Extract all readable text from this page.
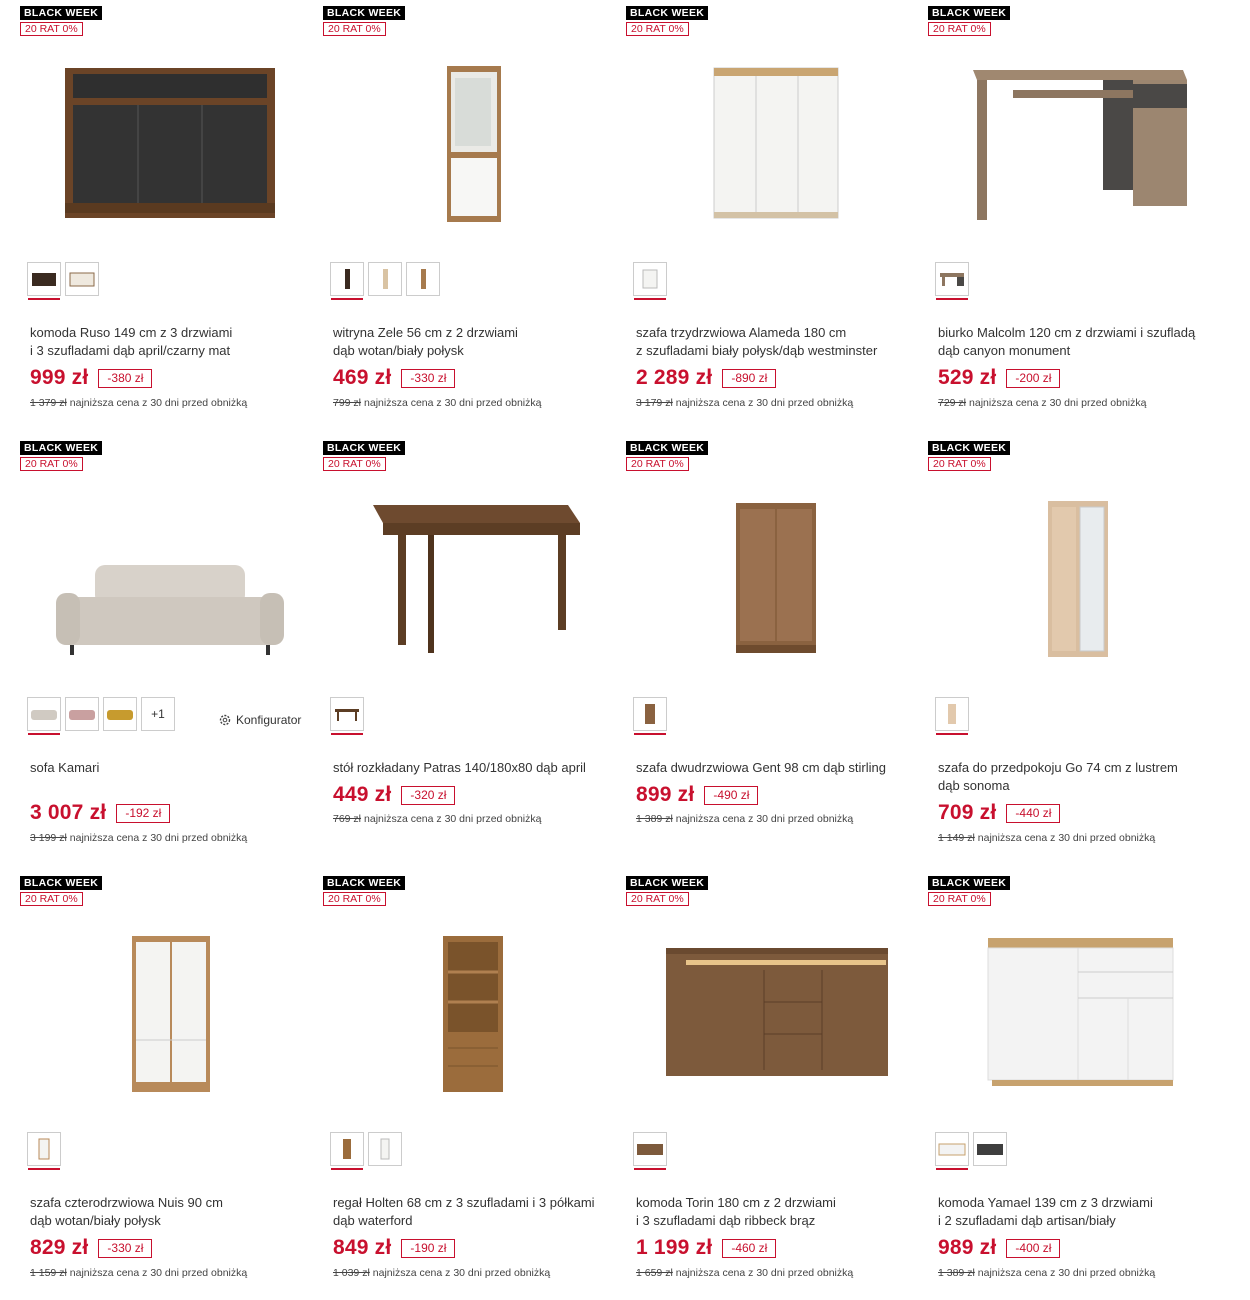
BLACK WEEK
20 RAT 0%
komoda Ruso 149 cm z 3 drzwiami
i 3 szufladami dąb april/czarny mat
999 zł	-380 zł
1 379 zł najniższa cena z 30 dni przed obniżką
BLACK WEEK
20 RAT 0%
witryna Zele 56 cm z 2 drzwiami
dąb wotan/biały połysk
469 zł	-330 zł
799 zł najniższa cena z 30 dni przed obniżką
BLACK WEEK
20 RAT 0%
szafa trzydrzwiowa Alameda 180 cm
z szufladami biały połysk/dąb westminster
2 289 zł	-890 zł
3 179 zł najniższa cena z 30 dni przed obniżką
BLACK WEEK
20 RAT 0%
biurko Malcolm 120 cm z drzwiami i szufladą
dąb canyon monument
529 zł	-200 zł
729 zł najniższa cena z 30 dni przed obniżką
BLACK WEEK
20 RAT 0%
+1	Konfigurator
sofa Kamari
3 007 zł	-192 zł
3 199 zł najniższa cena z 30 dni przed obniżką
BLACK WEEK
20 RAT 0%
stół rozkładany Patras 140/180x80 dąb april
449 zł	-320 zł
769 zł najniższa cena z 30 dni przed obniżką
BLACK WEEK
20 RAT 0%
szafa dwudrzwiowa Gent 98 cm dąb stirling
899 zł	-490 zł
1 389 zł najniższa cena z 30 dni przed obniżką
BLACK WEEK
20 RAT 0%
szafa do przedpokoju Go 74 cm z lustrem
dąb sonoma
709 zł	-440 zł
1 149 zł najniższa cena z 30 dni przed obniżką
BLACK WEEK
20 RAT 0%
szafa czterodrzwiowa Nuis 90 cm
dąb wotan/biały połysk
829 zł	-330 zł
1 159 zł najniższa cena z 30 dni przed obniżką
BLACK WEEK
20 RAT 0%
regał Holten 68 cm z 3 szufladami i 3 półkami
dąb waterford
849 zł	-190 zł
1 039 zł najniższa cena z 30 dni przed obniżką
BLACK WEEK
20 RAT 0%
komoda Torin 180 cm z 2 drzwiami
i 3 szufladami dąb ribbeck brąz
1 199 zł	-460 zł
1 659 zł najniższa cena z 30 dni przed obniżką
BLACK WEEK
20 RAT 0%
komoda Yamael 139 cm z 3 drzwiami
i 2 szufladami dąb artisan/biały
989 zł	-400 zł
1 389 zł najniższa cena z 30 dni przed obniżką
